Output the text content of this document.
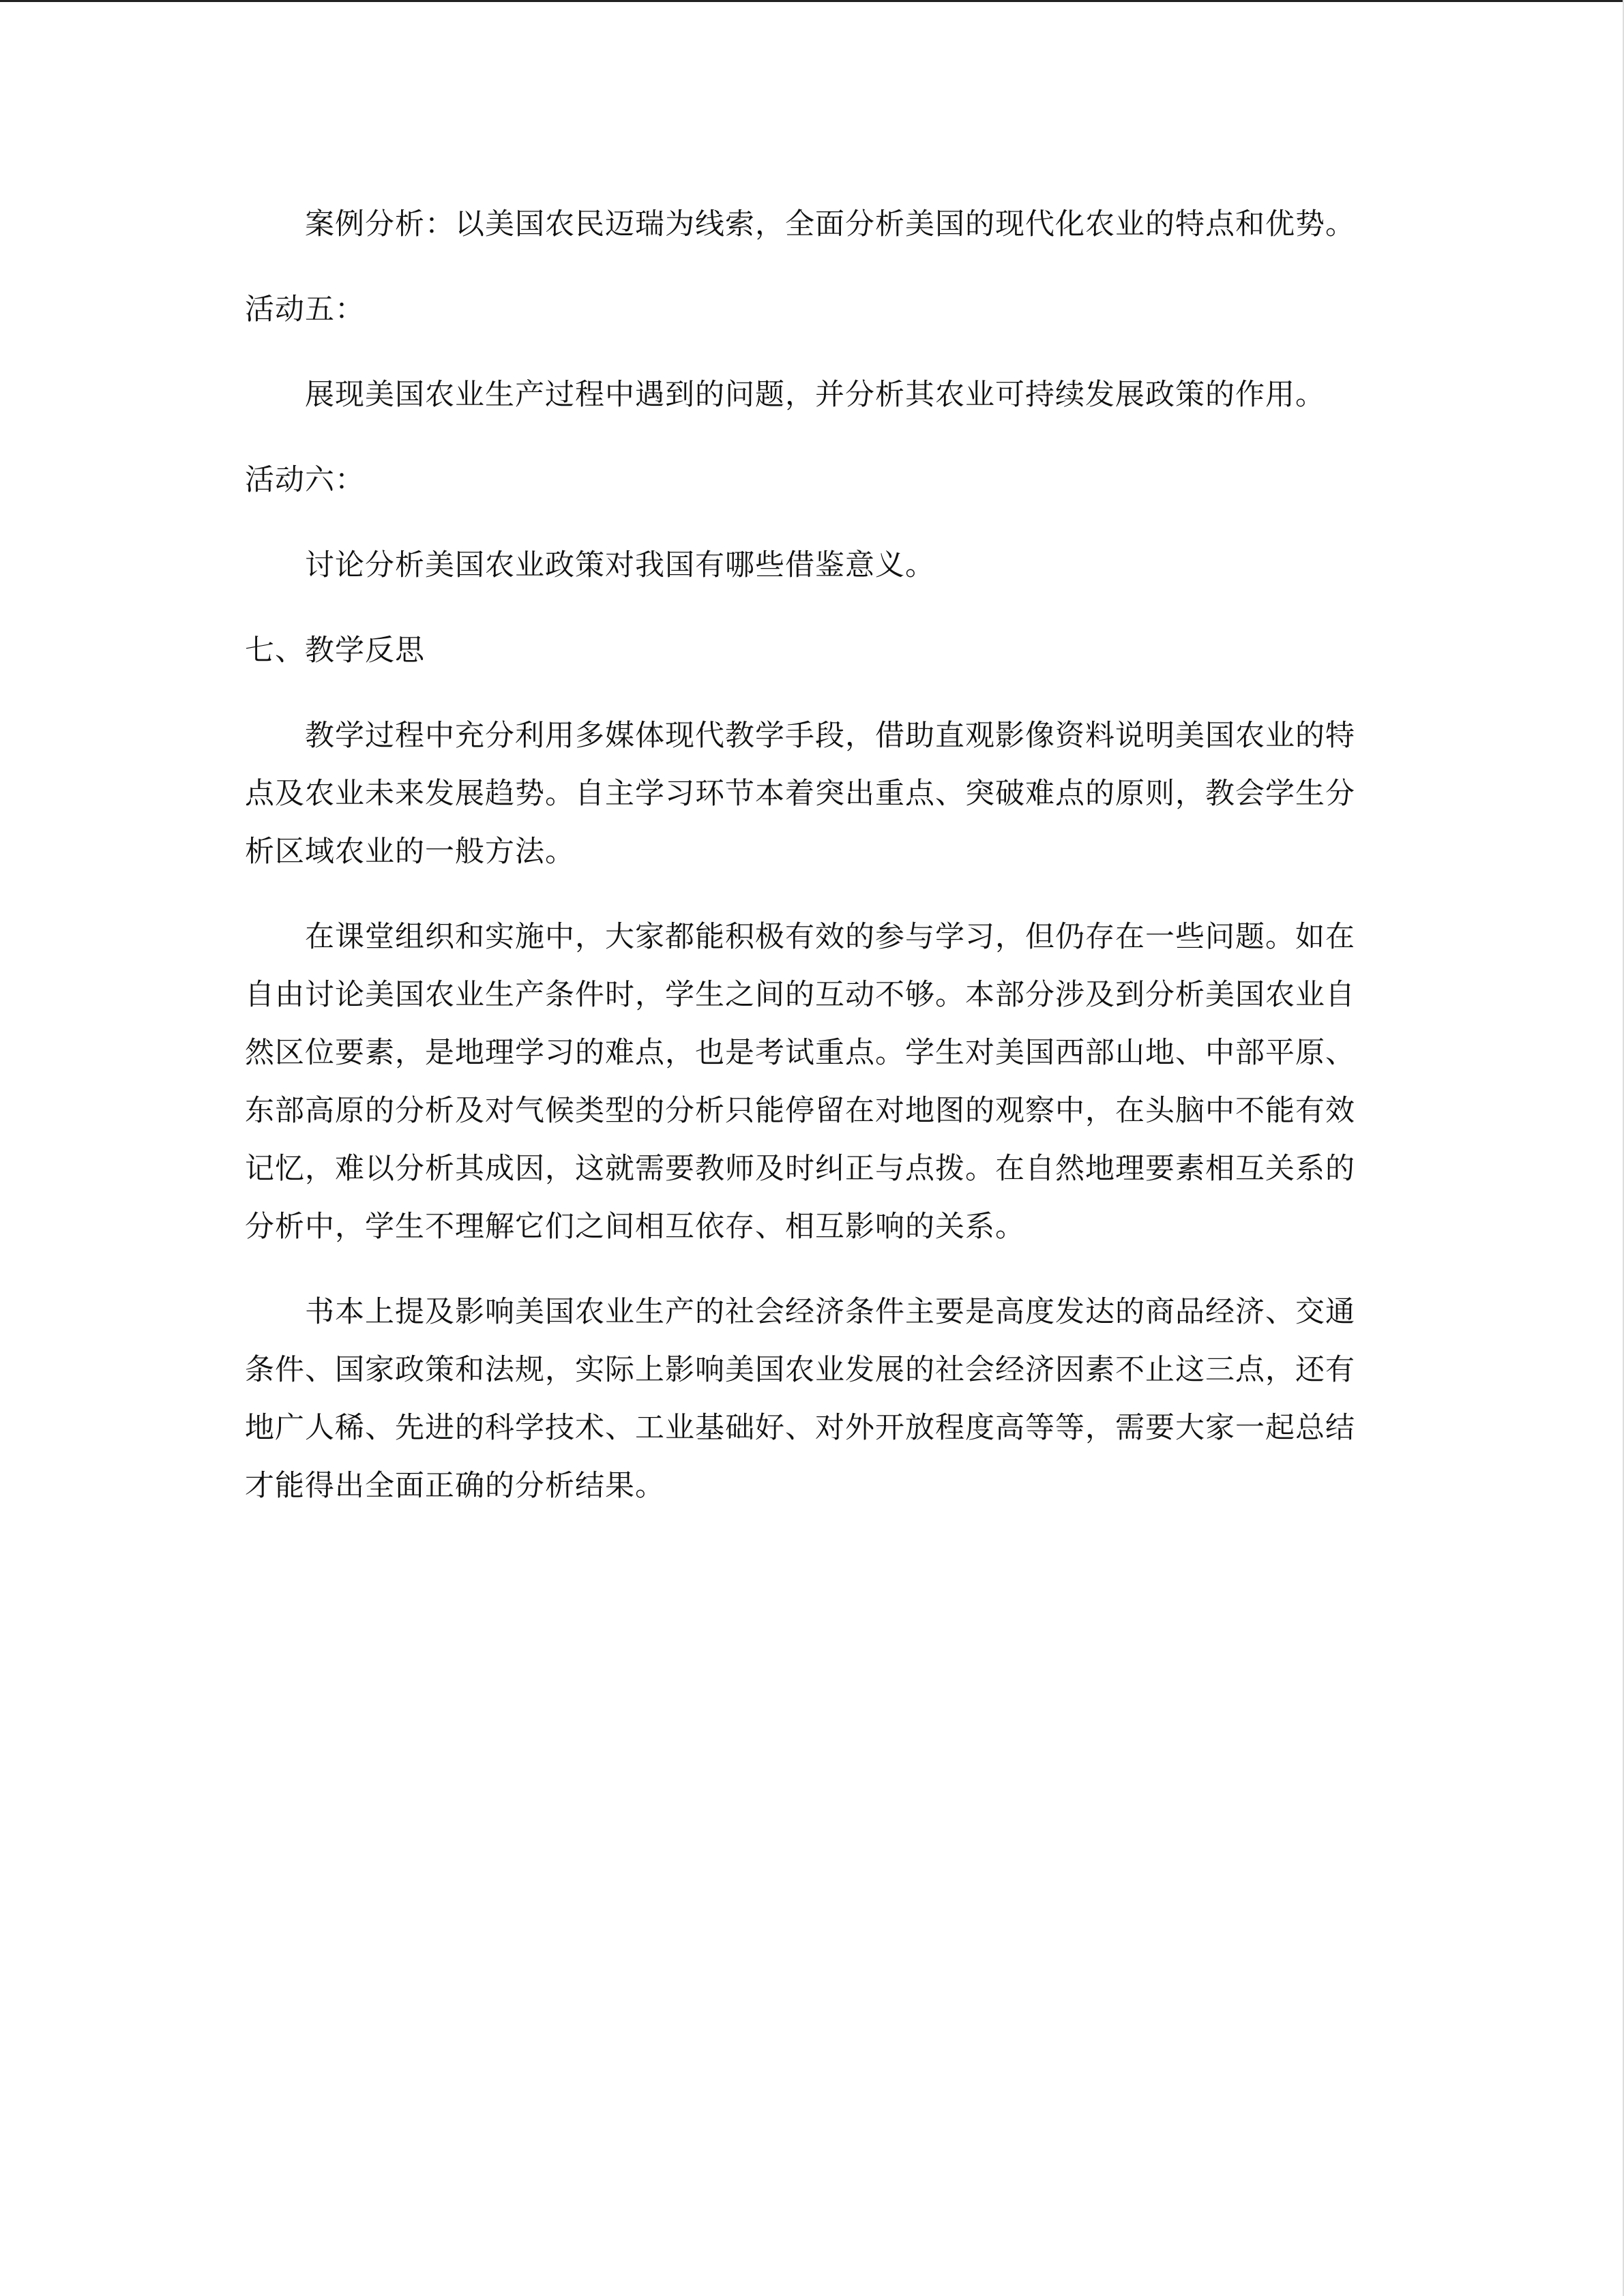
案例分析：以美国农民迈瑞为线索，全面分析美国的现代化农业的特点和优势。

活动五：

展现美国农业生产过程中遇到的问题，并分析其农业可持续发展政策的作用。

活动六：

讨论分析美国农业政策对我国有哪些借鉴意义。

七、教学反思

教学过程中充分利用多媒体现代教学手段，借助直观影像资料说明美国农业的特点及农业未来发展趋势。自主学习环节本着突出重点、突破难点的原则，教会学生分析区域农业的一般方法。

在课堂组织和实施中，大家都能积极有效的参与学习，但仍存在一些问题。如在自由讨论美国农业生产条件时，学生之间的互动不够。本部分涉及到分析美国农业自然区位要素，是地理学习的难点，也是考试重点。学生对美国西部山地、中部平原、东部高原的分析及对气候类型的分析只能停留在对地图的观察中，在头脑中不能有效记忆，难以分析其成因，这就需要教师及时纠正与点拨。在自然地理要素相互关系的分析中，学生不理解它们之间相互依存、相互影响的关系。

书本上提及影响美国农业生产的社会经济条件主要是高度发达的商品经济、交通条件、国家政策和法规，实际上影响美国农业发展的社会经济因素不止这三点，还有地广人稀、先进的科学技术、工业基础好、对外开放程度高等等，需要大家一起总结才能得出全面正确的分析结果。
